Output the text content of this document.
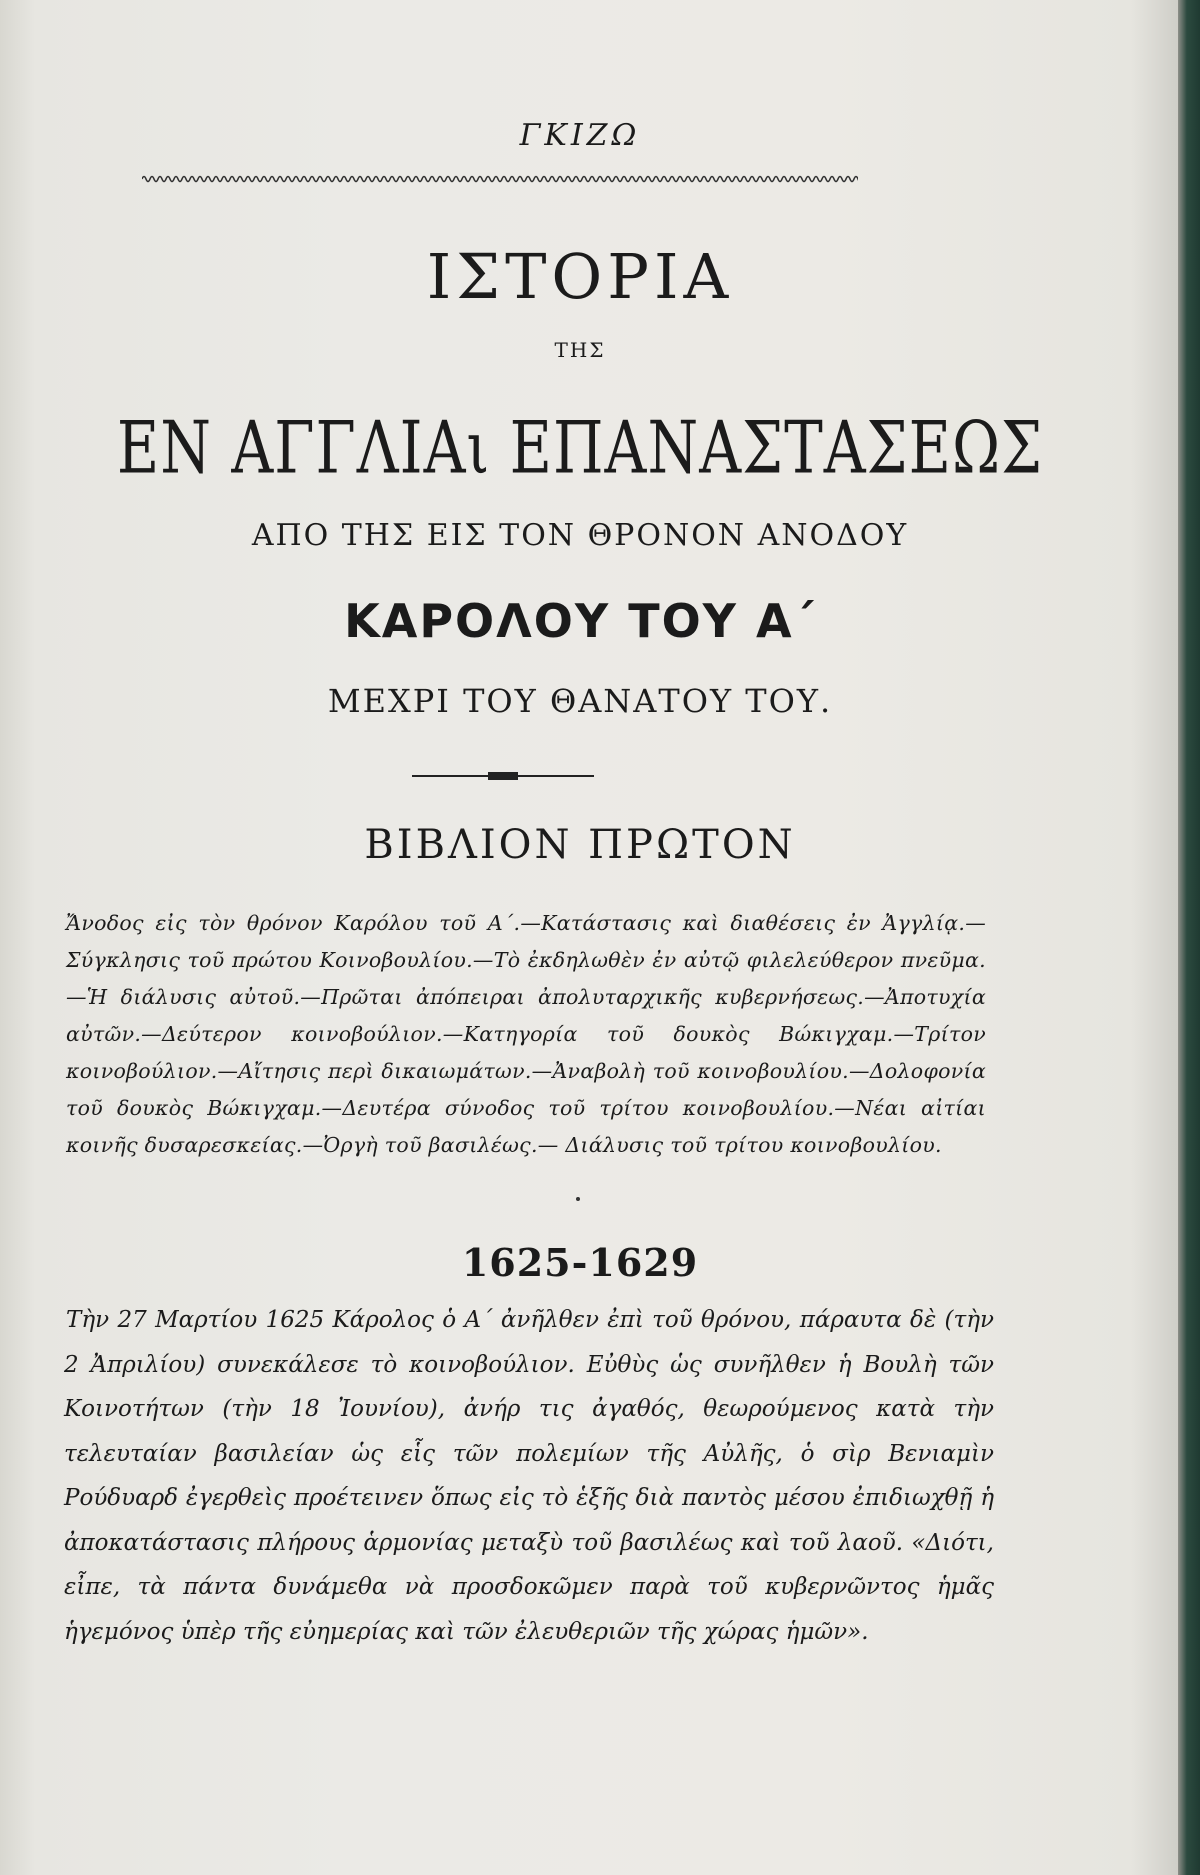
ΓΚΙΖΩ
ΙΣΤΟΡΙΑ
ΤΗΣ
ΕΝ ΑΓΓΛΙΑι ΕΠΑΝΑΣΤΑΣΕΩΣ
ΑΠΟ ΤΗΣ ΕΙΣ ΤΟΝ ΘΡΟΝΟΝ ΑΝΟΔΟΥ
ΚΑΡΟΛΟΥ ΤΟΥ Α΄
ΜΕΧΡΙ ΤΟΥ ΘΑΝΑΤΟΥ ΤΟΥ.
ΒΙΒΛΙΟΝ ΠΡΩΤΟΝ
Ἄνοδος εἰς τὸν θρόνον Καρόλου τοῦ Α΄.—Κατάστασις καὶ διαθέσεις ἐν Ἀγγλίᾳ.—Σύγκλησις τοῦ πρώτου Κοινοβουλίου.—Τὸ ἐκδηλωθὲν ἐν αὐτῷ φιλελεύθερον πνεῦμα.—Ἡ διάλυσις αὐτοῦ.—Πρῶται ἀπόπειραι ἀπολυταρχικῆς κυβερνήσεως.—Ἀποτυχία αὐτῶν.—Δεύτερον κοινοβούλιον.—Κατηγορία τοῦ δουκὸς Βώκιγχαμ.—Τρίτον κοινοβούλιον.—Αἴτησις περὶ δικαιωμάτων.—Ἀναβολὴ τοῦ κοινοβουλίου.—Δολοφονία τοῦ δουκὸς Βώκιγχαμ.—Δευτέρα σύνοδος τοῦ τρίτου κοινοβουλίου.—Νέαι αἰτίαι κοινῆς δυσαρεσκείας.—Ὀργὴ τοῦ βασιλέως.— Διάλυσις τοῦ τρίτου κοινοβουλίου.
1625-1629
Τὴν 27 Μαρτίου 1625 Κάρολος ὁ Α΄ ἀνῆλθεν ἐπὶ τοῦ θρόνου, πάραυτα δὲ (τὴν 2 Ἀπριλίου) συνεκάλεσε τὸ κοινοβούλιον. Εὐθὺς ὡς συνῆλθεν ἡ Βουλὴ τῶν Κοινοτήτων (τὴν 18 Ἰουνίου), ἀνήρ τις ἀγαθός, θεωρούμενος κατὰ τὴν τελευταίαν βασιλείαν ὡς εἷς τῶν πολεμίων τῆς Αὐλῆς, ὁ σὶρ Βενιαμὶν Ρούδυαρδ ἐγερθεὶς προέτεινεν ὅπως εἰς τὸ ἑξῆς διὰ παντὸς μέσου ἐπιδιωχθῇ ἡ ἀποκατάστασις πλήρους ἁρμονίας μεταξὺ τοῦ βασιλέως καὶ τοῦ λαοῦ. «Διότι, εἶπε, τὰ πάντα δυνάμεθα νὰ προσδοκῶμεν παρὰ τοῦ κυβερνῶντος ἡμᾶς ἡγεμόνος ὑπὲρ τῆς εὐημερίας καὶ τῶν ἐλευθεριῶν τῆς χώρας ἡμῶν».
